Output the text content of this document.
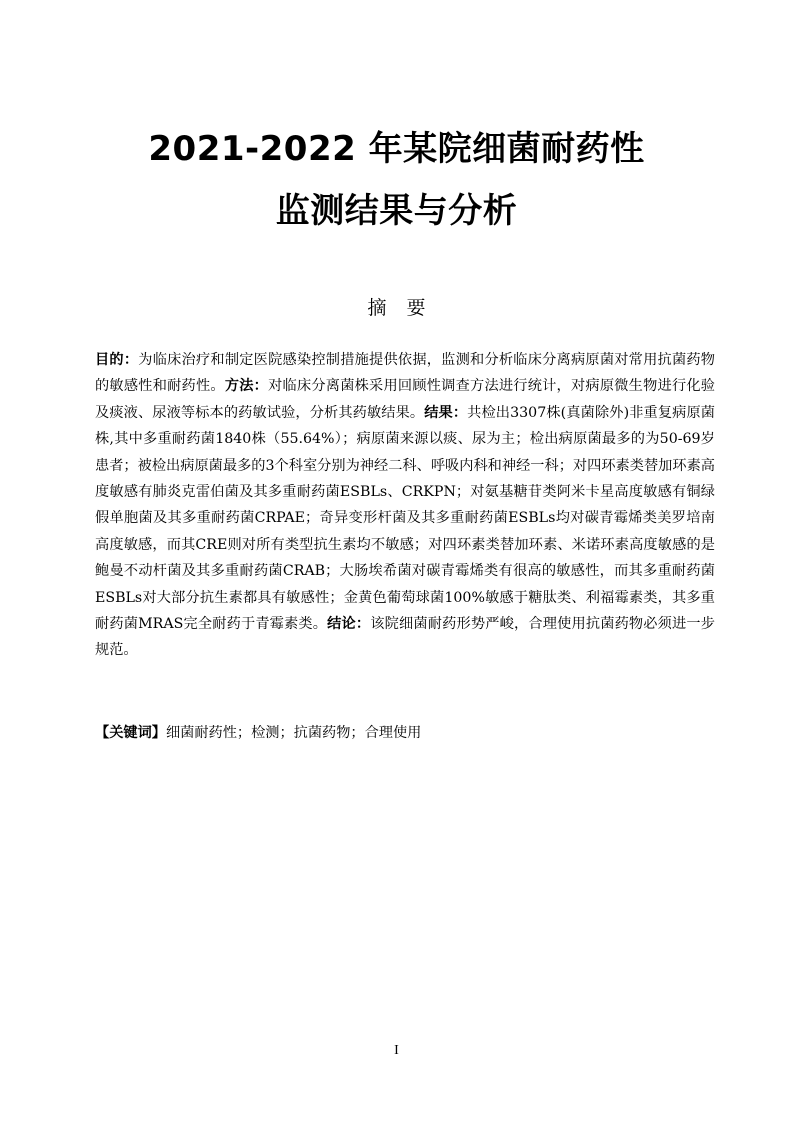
2021-2022 年某院细菌耐药性
监测结果与分析
摘要
目的：为临床治疗和制定医院感染控制措施提供依据，监测和分析临床分离病原菌对常用抗菌药物的敏感性和耐药性。方法：对临床分离菌株采用回顾性调查方法进行统计，对病原微生物进行化验及痰液、尿液等标本的药敏试验，分析其药敏结果。结果：共检出3307株(真菌除外)非重复病原菌株,其中多重耐药菌1840株（55.64%）；病原菌来源以痰、尿为主；检出病原菌最多的为50-69岁患者；被检出病原菌最多的3个科室分别为神经二科、呼吸内科和神经一科；对四环素类替加环素高度敏感有肺炎克雷伯菌及其多重耐药菌ESBLs、CRKPN；对氨基糖苷类阿米卡星高度敏感有铜绿假单胞菌及其多重耐药菌CRPAE；奇异变形杆菌及其多重耐药菌ESBLs均对碳青霉烯类美罗培南高度敏感，而其CRE则对所有类型抗生素均不敏感；对四环素类替加环素、米诺环素高度敏感的是鲍曼不动杆菌及其多重耐药菌CRAB；大肠埃希菌对碳青霉烯类有很高的敏感性，而其多重耐药菌ESBLs对大部分抗生素都具有敏感性；金黄色葡萄球菌100%敏感于糖肽类、利福霉素类，其多重耐药菌MRAS完全耐药于青霉素类。结论：该院细菌耐药形势严峻，合理使用抗菌药物必须进一步规范。
【关键词】细菌耐药性；检测；抗菌药物；合理使用
I
